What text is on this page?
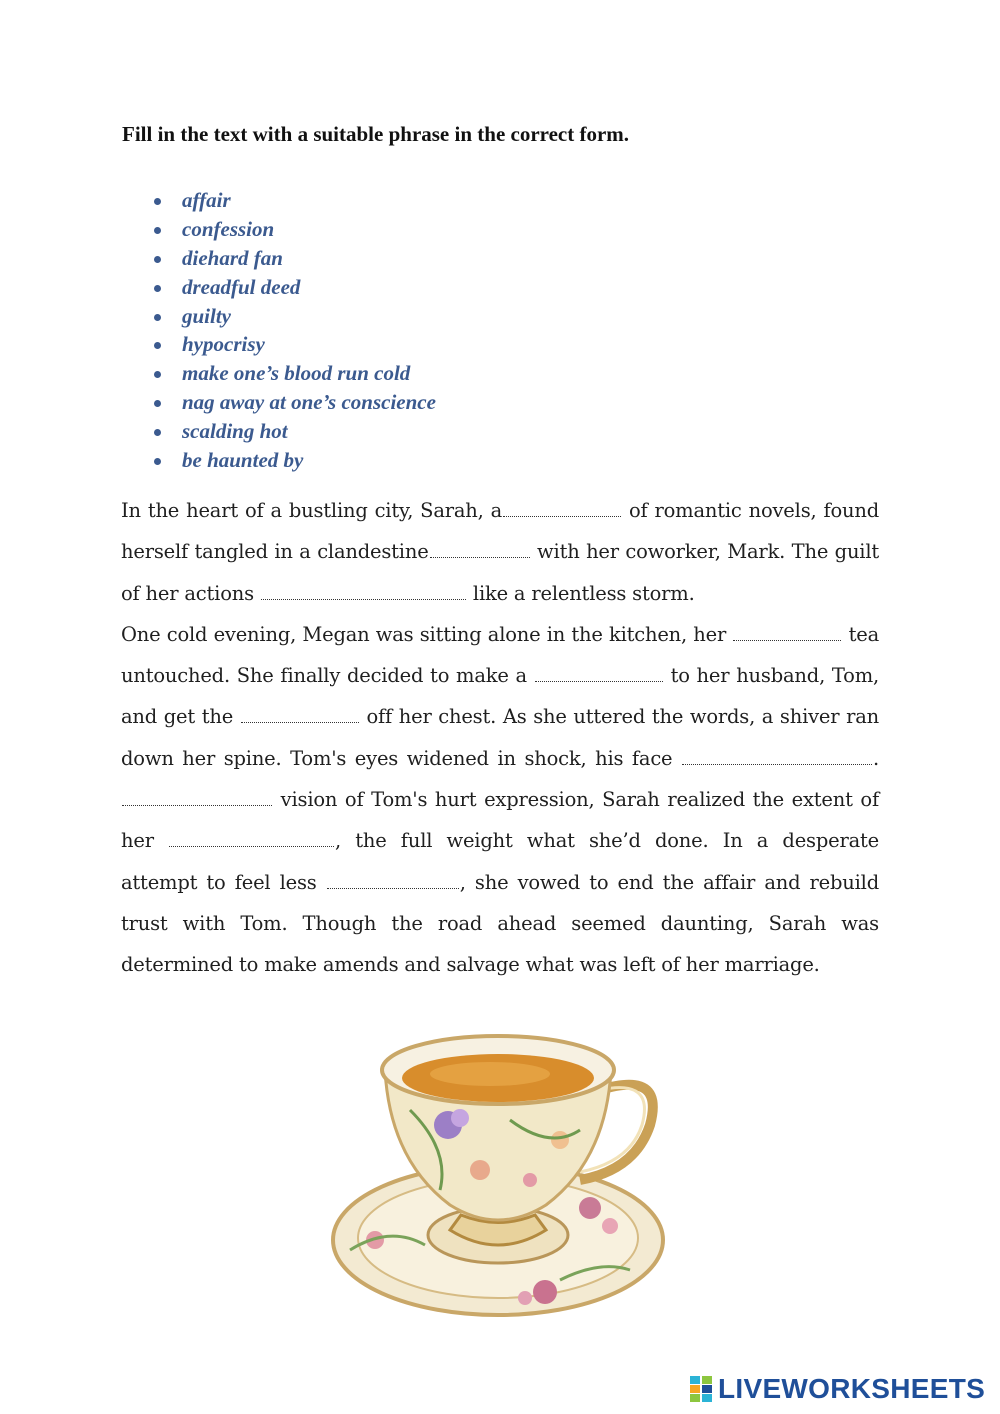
Fill in the text with a suitable phrase in the correct form.
affair
confession
diehard fan
dreadful deed
guilty
hypocrisy
make one’s blood run cold
nag away at one’s conscience
scalding hot
be haunted by

In the heart of a bustling city, Sarah, a	of romantic novels, found herself tangled in a clandestine	with her coworker, Mark. The guilt of her actions	like a relentless storm.
One cold evening, Megan was sitting alone in the kitchen, her	tea untouched. She finally decided to make a	to her husband, Tom, and get the	off her chest. As she uttered the words, a shiver ran down her spine. Tom's eyes widened in shock, his face	.  vision of Tom's hurt expression, Sarah realized the extent of her	, the full weight what she’d done. In a desperate attempt to feel less	, she vowed to end the affair and rebuild trust with Tom. Though the road ahead seemed daunting, Sarah was determined to make amends and salvage what was left of her marriage.

LIVEWORKSHEETS
